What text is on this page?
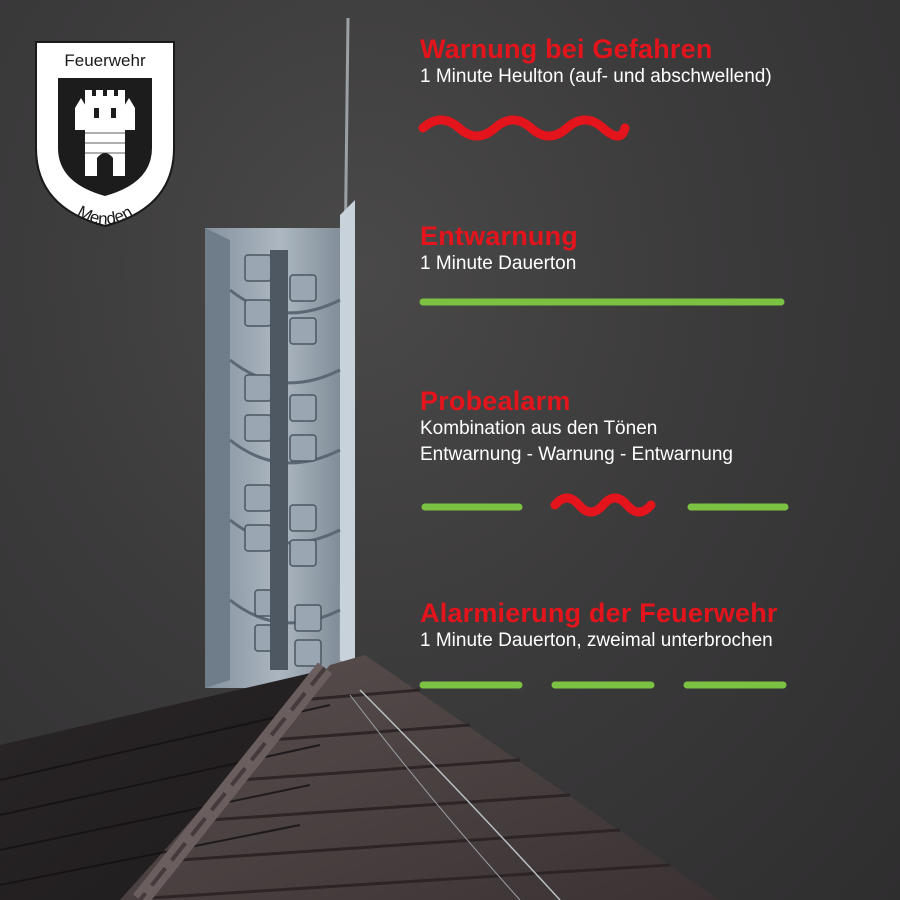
Feuerwehr
Menden
Warnung bei Gefahren

1 Minute Heulton (auf- und abschwellend)

Entwarnung

1 Minute Dauerton

Probealarm

Kombination aus den Tönen

Entwarnung - Warnung - Entwarnung

Alarmierung der Feuerwehr

1 Minute Dauerton, zweimal unterbrochen
